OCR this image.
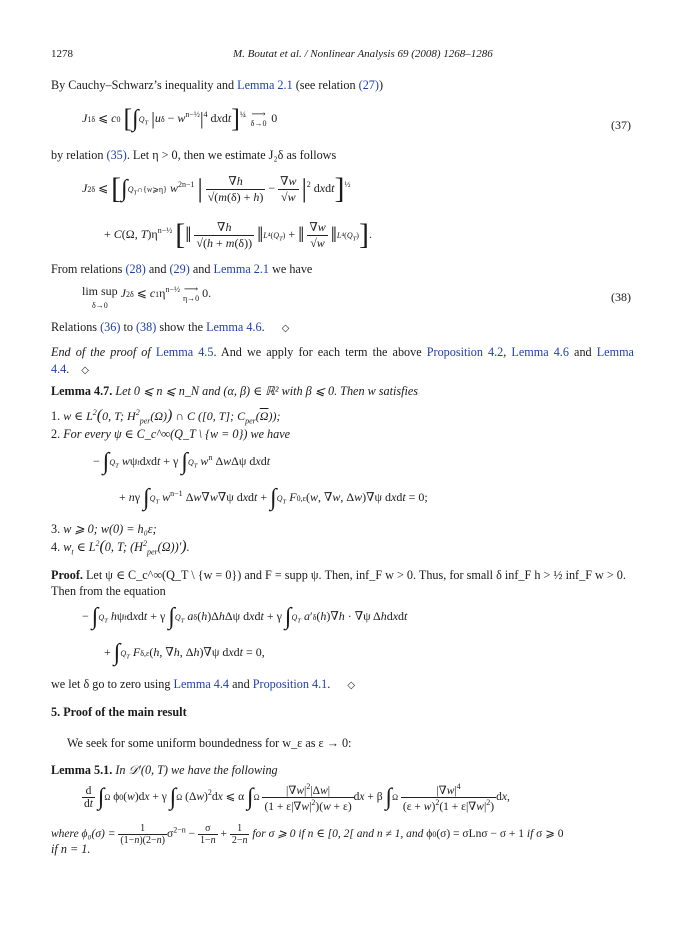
1278	M. Boutat et al. / Nonlinear Analysis 69 (2008) 1268–1286
By Cauchy–Schwarz’s inequality and Lemma 2.1 (see relation (27))
J1δ ⩽ c0 [$\int Q_T$ $|u\delta - w^{n-\frac{1}{2}}|^4$ dxdt]$^{\frac{1}{4}}$  ⟶
δ→0 0
(37)
by relation (35). Let η > 0, then we estimate J₂δ as follows
J2δ ⩽ [$\int Q_T\cap\{w⩾\eta\}$ $w^{2n-1}$ | $\frac{\nabla h}{√(m(\delta) + h)} - \frac{\nabla w}{√w} |^2$ dxdt]$^{\frac{1}{2}}$
+ C(Ω, $T)\eta^{n-\frac{1}{2}}$ [‖ $\frac{\nabla h}{√(h + m(\delta))}$ $‖L^4(Q_T)$ + ‖ $\frac{\nabla w}{√w}$ $‖L^4(Q_T)$].
From relations (28) and (29) and Lemma 2.1 we have
lim sup
δ→0 J2δ ⩽ $c1\eta^{n-\frac{1}{2}}$ ⟶
η→0 0.	(38)
Relations (36) to (38) show the Lemma 4.6. ◇
End of the proof of Lemma 4.5. And we apply for each term the above Proposition 4.2, Lemma 4.6 and Lemma 4.4. ◇
Lemma 4.7. Let 0 ⩽ n ⩽ n_N and (α, β) ∈ ℝ² with β ⩽ 0. Then w satisfies
1. w ∈ $L^2(0$, T; $H^2_{per}(\Omega)$) ∩ C ([0, T]; $C_{per}(\overline{\Omega})$);
2. For every ψ ∈ C_c^∞(Q_T \ {w = 0}) we have
− $\int Q_T$ wψtdxdt + γ $\int Q_T$ $w^n$ ΔwΔψ dxdt
+ nγ $\int Q_T$ $w^{n-1}$ Δw∇w∇ψ dxdt + $\int Q_T$ F0,ε(w, ∇w, Δw)∇ψ dxdt = 0;
3. w ⩾ 0; w(0) = h₀ε;
4. $w_t$ ∈ $L^2(0$, T; $(H^2_{per}(\Omega))'$).
Proof. Let ψ ∈ C_c^∞(Q_T \ {w = 0}) and F = supp ψ. Then, inf_F w > 0. Thus, for small δ inf_F h > ½ inf_F w > 0.
Then from the equation
− $\int Q_T$ hψtdxdt + γ $\int Q_T$ aδ(h)ΔhΔψ dxdt + γ $\int Q_T$ a′δ(h)∇h · ∇ψ Δhdxdt
+ $\int Q_T$ Fδ,ε(h, ∇h, Δh)∇ψ dxdt = 0,
we let δ go to zero using Lemma 4.4 and Proposition 4.1. ◇
5. Proof of the main result
We seek for some uniform boundedness for w_ε as ε → 0:
Lemma 5.1. In 𝒟′(0, T) we have the following
$\frac{d}{dt} \int\Omega$ ϕ0(w)dx + γ ∫Ω $(\Delta w)^2dx$ ⩽ α $\int\Omega \frac{|\nabla w|^2|\Delta w|}{(1 + \varepsilon|\nabla w|^2)(w + \varepsilon)}$ dx + β $\int\Omega \frac{|\nabla w|^4}{(\varepsilon + w)^2(1 + \varepsilon|\nabla w|^2)}$ dx,
where $\phi_0(\sigma) = \frac{1}{(1-n)(2-n)} \sigma^{2-n} - \frac{\sigma}{1-n} + \frac{1}{2-n}$ for σ ⩾ 0 if n ∈ [0, 2[ and n ≠ 1, and ϕ0(σ) = σLnσ − σ + 1 if σ ⩾ 0
if n = 1.
